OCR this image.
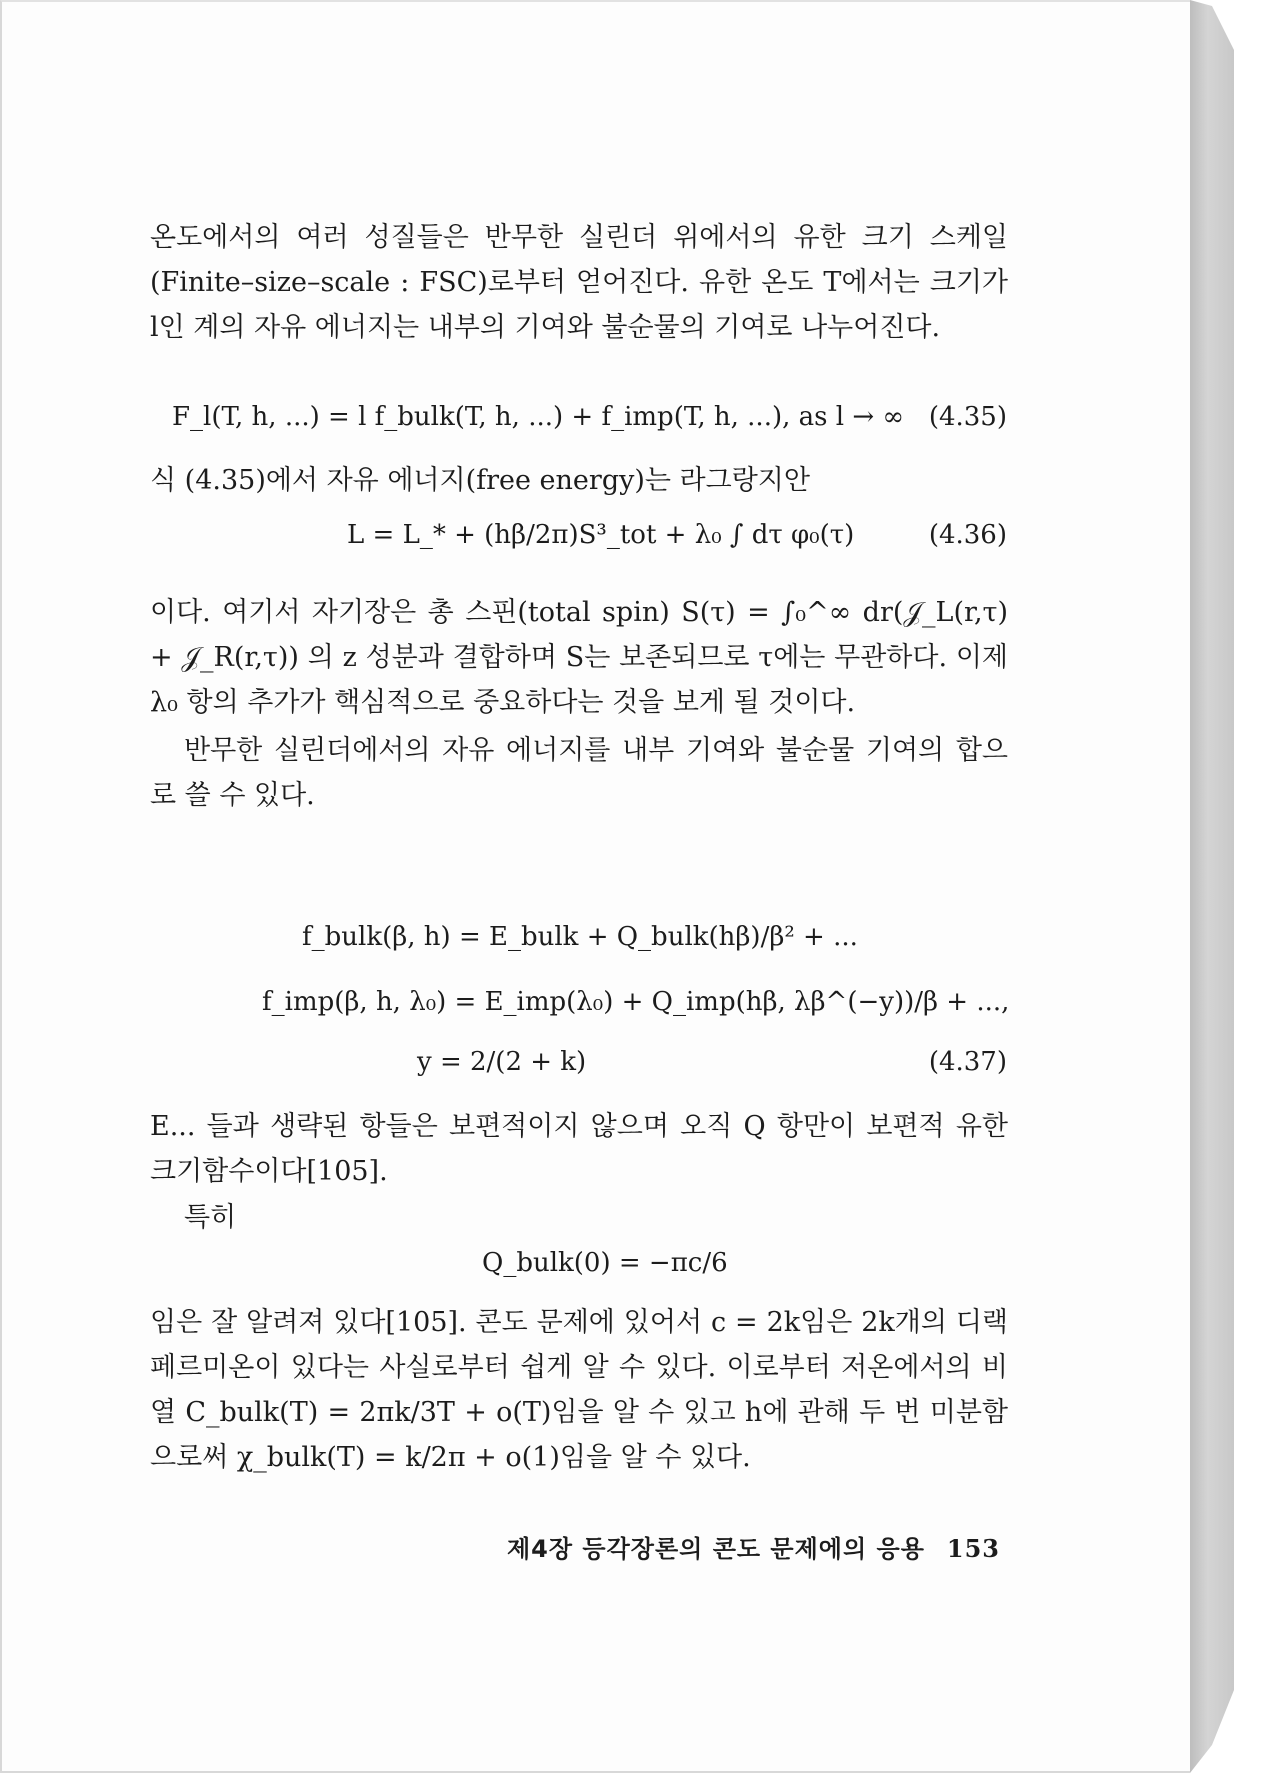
온도에서의 여러 성질들은 반무한 실린더 위에서의 유한 크기 스케일(Finite–size–scale : FSC)로부터 얻어진다. 유한 온도 T에서는 크기가 l인 계의 자유 에너지는 내부의 기여와 불순물의 기여로 나누어진다.
F_l(T, h, ...) = l f_bulk(T, h, ...) + f_imp(T, h, ...), as l → ∞ (4.35)
식 (4.35)에서 자유 에너지(free energy)는 라그랑지안
L = L_* + (hβ/2π)S³_tot + λ₀ ∫ dτ φ₀(τ)	(4.36)
이다. 여기서 자기장은 총 스핀(total spin) S(τ) = ∫₀^∞ dr(𝒥_L(r,τ) + 𝒥_R(r,τ)) 의 z 성분과 결합하며 S는 보존되므로 τ에는 무관하다. 이제 λ₀ 항의 추가가 핵심적으로 중요하다는 것을 보게 될 것이다.
반무한 실린더에서의 자유 에너지를 내부 기여와 불순물 기여의 합으로 쓸 수 있다.
f_bulk(β, h) = E_bulk + Q_bulk(hβ)/β² + ...
f_imp(β, h, λ₀) = E_imp(λ₀) + Q_imp(hβ, λβ^(−y))/β + ...,
y = 2/(2 + k)	(4.37)
E... 들과 생략된 항들은 보편적이지 않으며 오직 Q 항만이 보편적 유한 크기함수이다[105].
특히
Q_bulk(0) = −πc/6
임은 잘 알려져 있다[105]. 콘도 문제에 있어서 c = 2k임은 2k개의 디랙 페르미온이 있다는 사실로부터 쉽게 알 수 있다. 이로부터 저온에서의 비열 C_bulk(T) = 2πk/3T + o(T)임을 알 수 있고 h에 관해 두 번 미분함으로써 χ_bulk(T) = k/2π + o(1)임을 알 수 있다.
제4장 등각장론의 콘도 문제에의 응용 153
